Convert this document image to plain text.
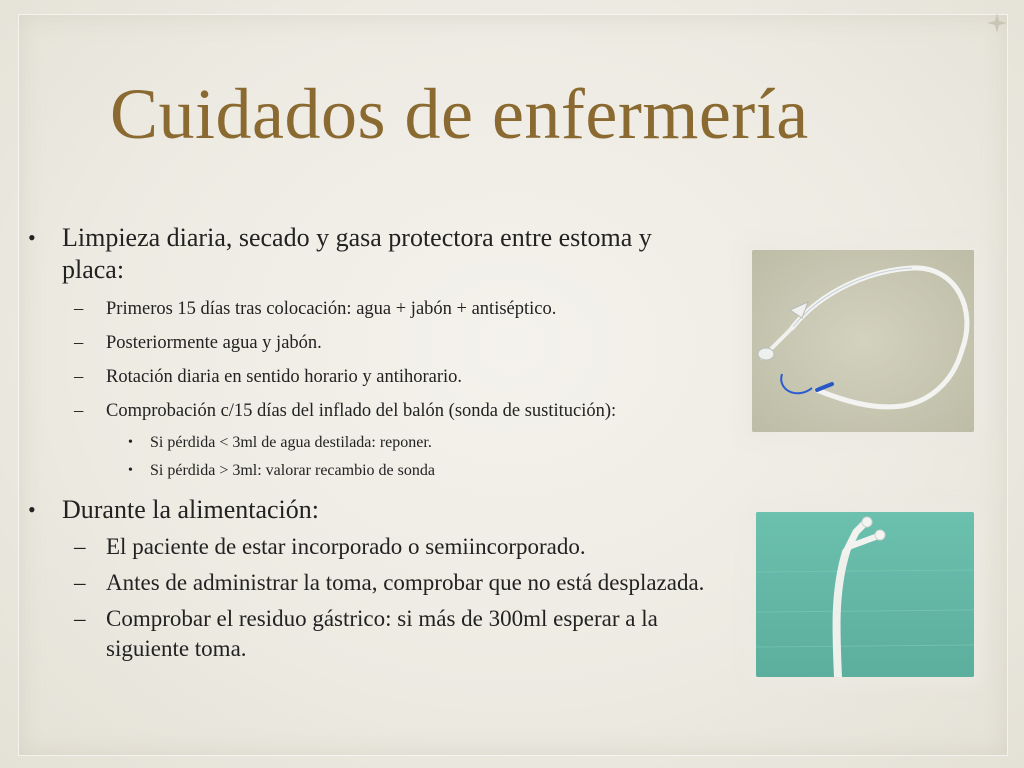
Cuidados de enfermería
•	Limpieza diaria, secado y gasa protectora entre estoma y placa:
– Primeros 15 días tras colocación: agua + jabón + antiséptico.
– Posteriormente agua y jabón.
– Rotación diaria en sentido horario y antihorario.
– Comprobación c/15 días del inflado del balón (sonda de sustitución):
• Si pérdida < 3ml de agua destilada: reponer.
• Si pérdida > 3ml: valorar recambio de sonda
•	Durante la alimentación:
– El paciente de estar incorporado o semiincorporado.
– Antes de administrar la toma, comprobar que no está desplazada.
– Comprobar el residuo gástrico: si más de 300ml esperar a la siguiente toma.
